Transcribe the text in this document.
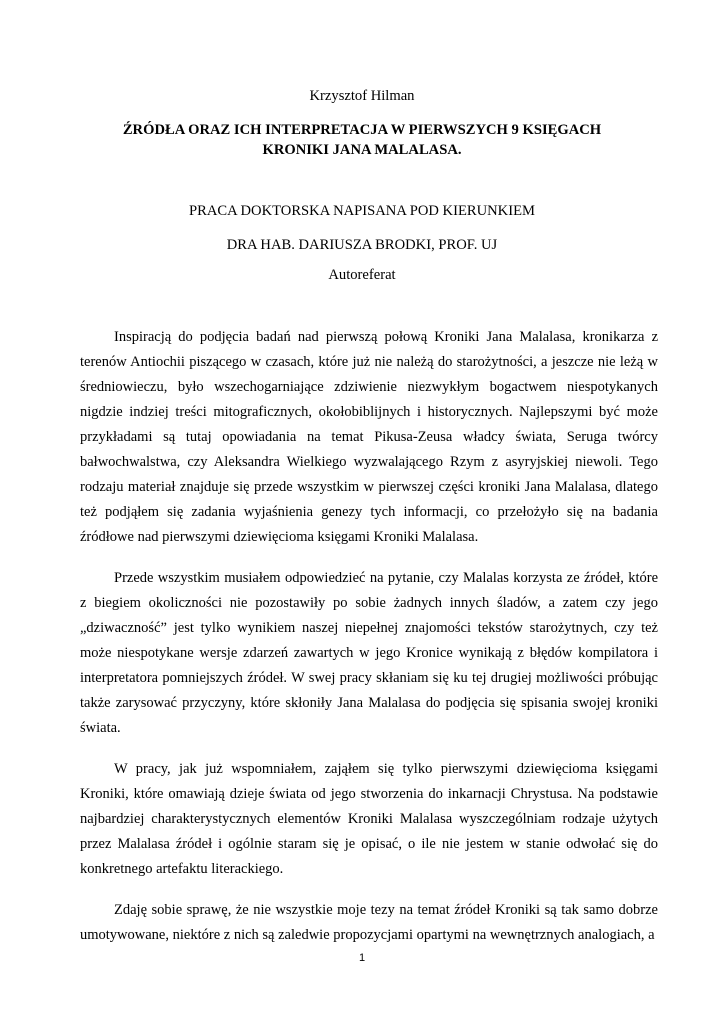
Krzysztof Hilman
ŹRÓDŁA ORAZ ICH INTERPRETACJA W PIERWSZYCH 9 KSIĘGACH KRONIKI JANA MALALASA.
PRACA DOKTORSKA NAPISANA POD KIERUNKIEM
DRA HAB. DARIUSZA BRODKI, PROF. UJ
Autoreferat

Inspiracją do podjęcia badań nad pierwszą połową Kroniki Jana Malalasa, kronikarza z terenów Antiochii piszącego w czasach, które już nie należą do starożytności, a jeszcze nie leżą w średniowieczu, było wszechogarniające zdziwienie niezwykłym bogactwem niespotykanych nigdzie indziej treści mitograficznych, okołobiblijnych i historycznych. Najlepszymi być może przykładami są tutaj opowiadania na temat Pikusa-Zeusa władcy świata, Seruga twórcy bałwochwalstwa, czy Aleksandra Wielkiego wyzwalającego Rzym z asyryjskiej niewoli. Tego rodzaju materiał znajduje się przede wszystkim w pierwszej części kroniki Jana Malalasa, dlatego też podjąłem się zadania wyjaśnienia genezy tych informacji, co przełożyło się na badania źródłowe nad pierwszymi dziewięcioma księgami Kroniki Malalasa.

Przede wszystkim musiałem odpowiedzieć na pytanie, czy Malalas korzysta ze źródeł, które z biegiem okoliczności nie pozostawiły po sobie żadnych innych śladów, a zatem czy jego „dziwaczność” jest tylko wynikiem naszej niepełnej znajomości tekstów starożytnych, czy też może niespotykane wersje zdarzeń zawartych w jego Kronice wynikają z błędów kompilatora i interpretatora pomniejszych źródeł. W swej pracy skłaniam się ku tej drugiej możliwości próbując także zarysować przyczyny, które skłoniły Jana Malalasa do podjęcia się spisania swojej kroniki świata.

W pracy, jak już wspomniałem, zająłem się tylko pierwszymi dziewięcioma księgami Kroniki, które omawiają dzieje świata od jego stworzenia do inkarnacji Chrystusa. Na podstawie najbardziej charakterystycznych elementów Kroniki Malalasa wyszczególniam rodzaje użytych przez Malalasa źródeł i ogólnie staram się je opisać, o ile nie jestem w stanie odwołać się do konkretnego artefaktu literackiego.

Zdaję sobie sprawę, że nie wszystkie moje tezy na temat źródeł Kroniki są tak samo dobrze umotywowane, niektóre z nich są zaledwie propozycjami opartymi na wewnętrznych analogiach, a

1
